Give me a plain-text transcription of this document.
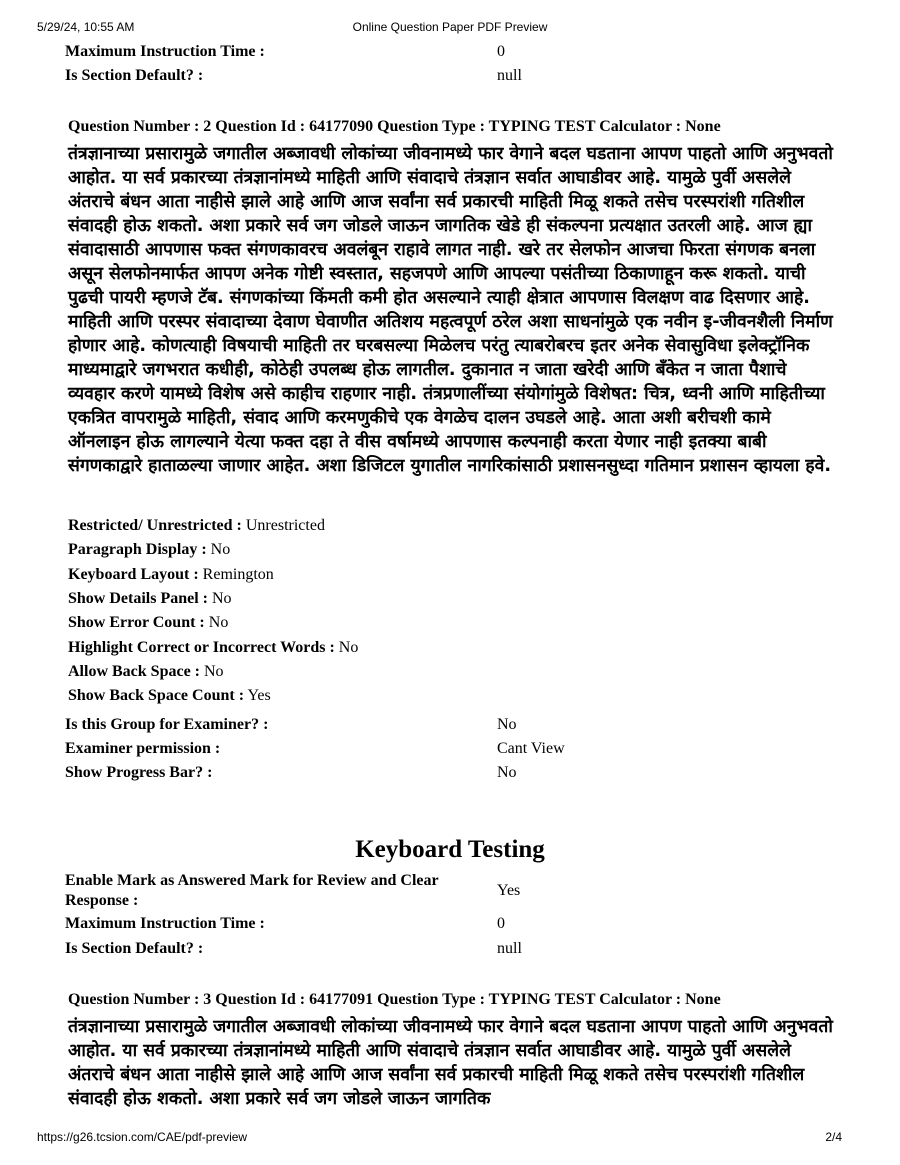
5/29/24, 10:55 AM	Online Question Paper PDF Preview
Maximum Instruction Time :	0
Is Section Default? :	null
Question Number : 2 Question Id : 64177090 Question Type : TYPING TEST Calculator : None
तंत्रज्ञानाच्या प्रसारामुळे जगातील अब्जावधी लोकांच्या जीवनामध्ये फार वेगाने बदल घडताना आपण पाहतो आणि अनुभवतो आहोत. या सर्व प्रकारच्या तंत्रज्ञानांमध्ये माहिती आणि संवादाचे तंत्रज्ञान सर्वात आघाडीवर आहे. यामुळे पुर्वी असलेले अंतराचे बंधन आता नाहीसे झाले आहे आणि आज सर्वांना सर्व प्रकारची माहिती मिळू शकते तसेच परस्परांशी गतिशील संवादही होऊ शकतो. अशा प्रकारे सर्व जग जोडले जाऊन जागतिक खेडे ही संकल्पना प्रत्यक्षात उतरली आहे. आज ह्या संवादासाठी आपणास फक्त संगणकावरच अवलंबून राहावे लागत नाही. खरे तर सेलफोन आजचा फिरता संगणक बनला असून सेलफोनमार्फत आपण अनेक गोष्टी स्वस्तात, सहजपणे आणि आपल्या पसंतीच्या ठिकाणाहून करू शकतो. याची पुढची पायरी म्हणजे टॅब. संगणकांच्या किंमती कमी होत असल्याने त्याही क्षेत्रात आपणास विलक्षण वाढ दिसणार आहे. माहिती आणि परस्पर संवादाच्या देवाण घेवाणीत अतिशय महत्वपूर्ण ठरेल अशा साधनांमुळे एक नवीन इ-जीवनशैली निर्माण होणार आहे. कोणत्याही विषयाची माहिती तर घरबसल्या मिळेलच परंतु त्याबरोबरच इतर अनेक सेवासुविधा इलेक्ट्रॉनिक माध्यमाद्वारे जगभरात कधीही, कोठेही उपलब्ध होऊ लागतील. दुकानात न जाता खरेदी आणि बँकेत न जाता पैशाचे व्यवहार करणे यामध्ये विशेष असे काहीच राहणार नाही. तंत्रप्रणालींच्या संयोगांमुळे विशेषत: चित्र, ध्वनी आणि माहितीच्या एकत्रित वापरामुळे माहिती, संवाद आणि करमणुकीचे एक वेगळेच दालन उघडले आहे. आता अशी बरीचशी कामे ऑनलाइन होऊ लागल्याने येत्या फक्त दहा ते वीस वर्षामध्ये आपणास कल्पनाही करता येणार नाही इतक्या बाबी संगणकाद्वारे हाताळल्या जाणार आहेत. अशा डिजिटल युगातील नागरिकांसाठी प्रशासनसुध्दा गतिमान प्रशासन व्हायला हवे.
Restricted/ Unrestricted : Unrestricted
Paragraph Display : No
Keyboard Layout : Remington
Show Details Panel : No
Show Error Count : No
Highlight Correct or Incorrect Words : No
Allow Back Space : No
Show Back Space Count : Yes
Is this Group for Examiner? :	No
Examiner permission :	Cant View
Show Progress Bar? :	No
Keyboard Testing
Enable Mark as Answered Mark for Review and Clear Response :
Yes
Maximum Instruction Time :	0
Is Section Default? :	null
Question Number : 3 Question Id : 64177091 Question Type : TYPING TEST Calculator : None
तंत्रज्ञानाच्या प्रसारामुळे जगातील अब्जावधी लोकांच्या जीवनामध्ये फार वेगाने बदल घडताना आपण पाहतो आणि अनुभवतो आहोत. या सर्व प्रकारच्या तंत्रज्ञानांमध्ये माहिती आणि संवादाचे तंत्रज्ञान सर्वात आघाडीवर आहे. यामुळे पुर्वी असलेले अंतराचे बंधन आता नाहीसे झाले आहे आणि आज सर्वांना सर्व प्रकारची माहिती मिळू शकते तसेच परस्परांशी गतिशील संवादही होऊ शकतो. अशा प्रकारे सर्व जग जोडले जाऊन जागतिक
https://g26.tcsion.com/CAE/pdf-preview	2/4
